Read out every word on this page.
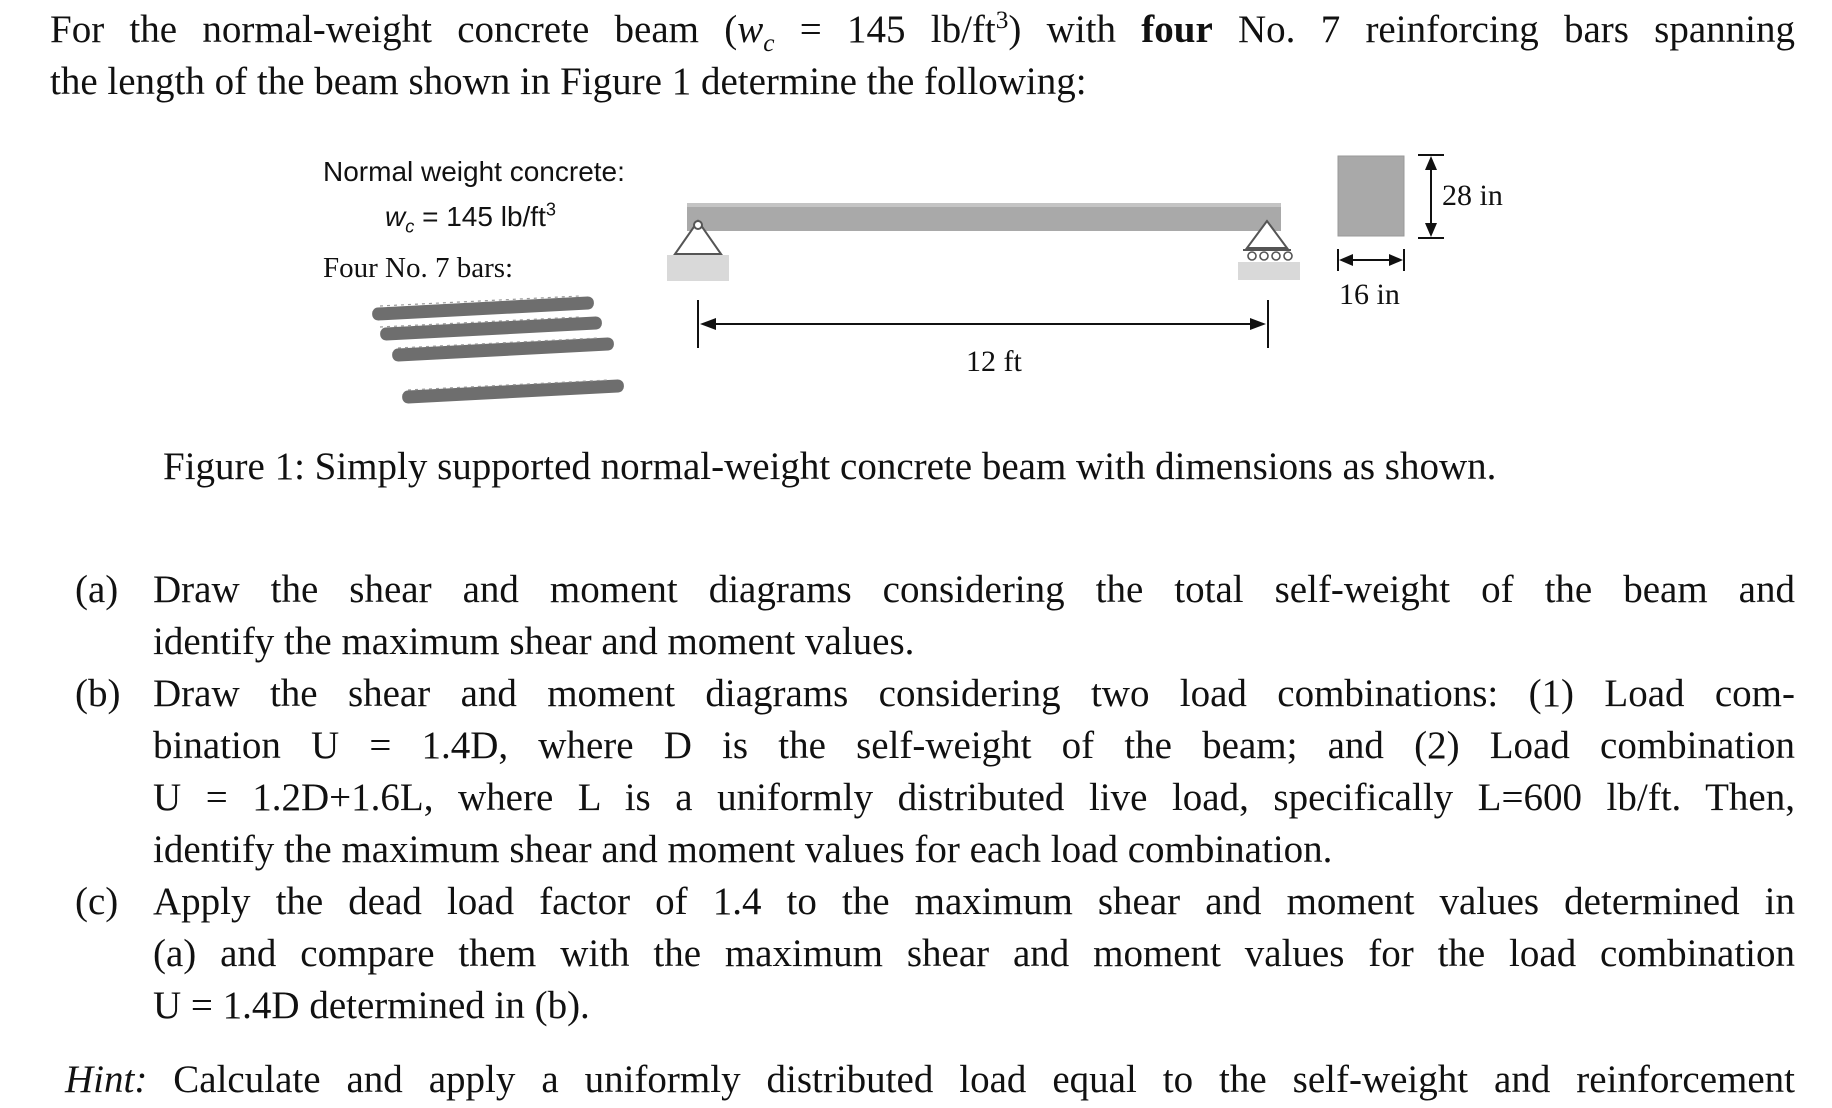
For the normal-weight concrete beam ($w_c = 145$ $lb/ft^3$) with four No. 7 reinforcing bars spanning
the length of the beam shown in Figure 1 determine the following:
Normal weight concrete:
$w_c = 145$ $lb/ft^3$
Four No. 7 bars:
12 ft
28 in
16 in
Figure 1: Simply supported normal-weight concrete beam with dimensions as shown.
(a) Draw the shear and moment diagrams considering the total self-weight of the beam and
identify the maximum shear and moment values.
(b) Draw the shear and moment diagrams considering two load combinations: (1) Load com-
bination U = 1.4D, where D is the self-weight of the beam; and (2) Load combination
U = 1.2D+1.6L, where L is a uniformly distributed live load, specifically L=600 lb/ft. Then,
identify the maximum shear and moment values for each load combination.
(c) Apply the dead load factor of 1.4 to the maximum shear and moment values determined in
(a) and compare them with the maximum shear and moment values for the load combination
U = 1.4D determined in (b).
Hint: Calculate and apply a uniformly distributed load equal to the self-weight and reinforcement
